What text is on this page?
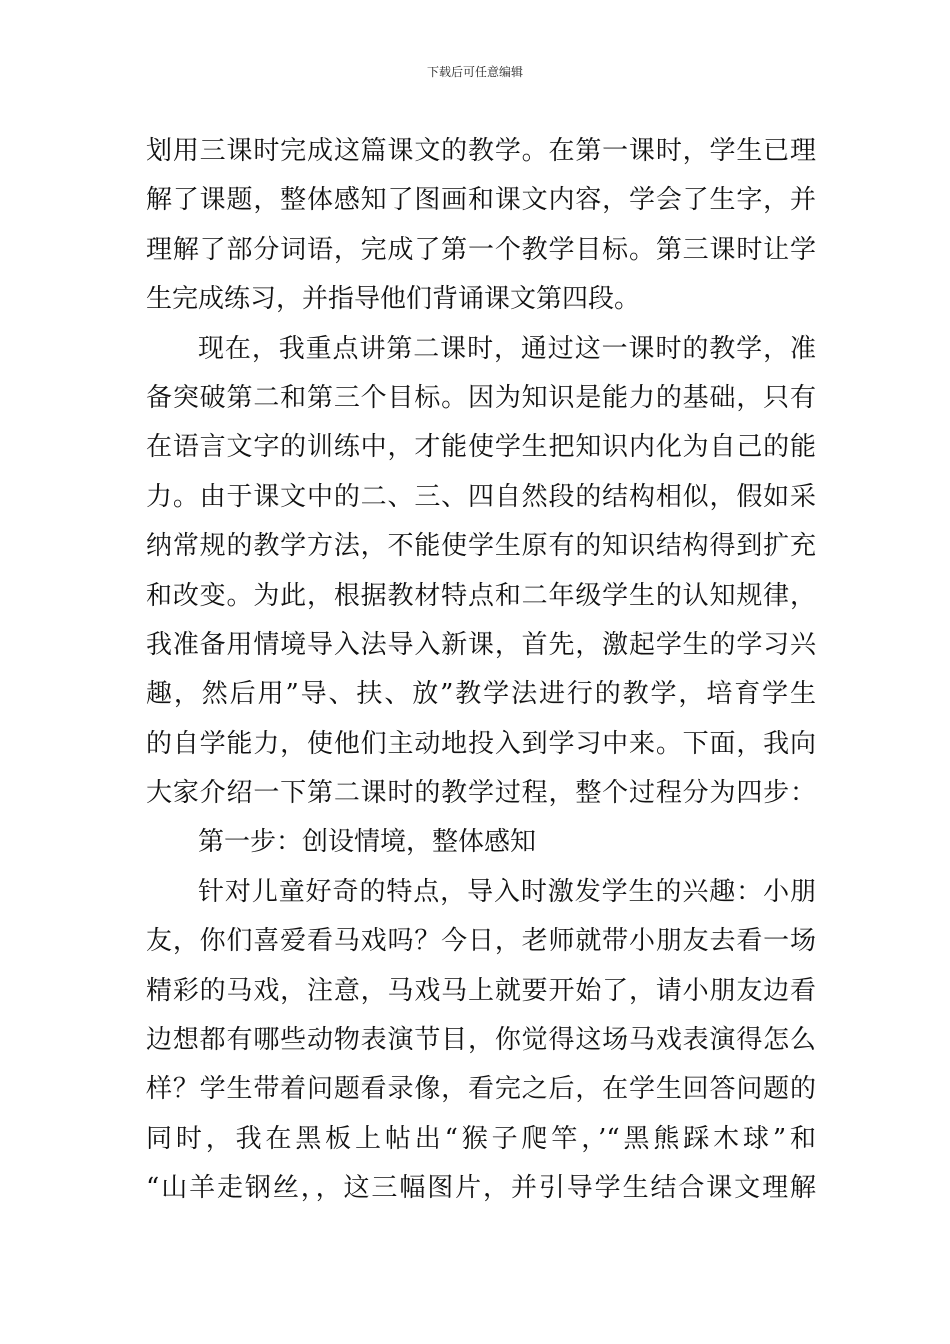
下载后可任意编辑
划用三课时完成这篇课文的教学。在第一课时，学生已理
解了课题，整体感知了图画和课文内容，学会了生字，并
理解了部分词语，完成了第一个教学目标。第三课时让学
生完成练习，并指导他们背诵课文第四段。
现在，我重点讲第二课时，通过这一课时的教学，准
备突破第二和第三个目标。因为知识是能力的基础，只有
在语言文字的训练中，才能使学生把知识内化为自己的能
力。由于课文中的二、三、四自然段的结构相似，假如采
纳常规的教学方法，不能使学生原有的知识结构得到扩充
和改变。为此，根据教材特点和二年级学生的认知规律，
我准备用情境导入法导入新课，首先，激起学生的学习兴
趣，然后用”导、扶、放”教学法进行的教学，培育学生
的自学能力，使他们主动地投入到学习中来。下面，我向
大家介绍一下第二课时的教学过程，整个过程分为四步：
第一步：创设情境，整体感知
针对儿童好奇的特点，导入时激发学生的兴趣：小朋
友，你们喜爱看马戏吗？今日，老师就带小朋友去看一场
精彩的马戏，注意，马戏马上就要开始了，请小朋友边看
边想都有哪些动物表演节目，你觉得这场马戏表演得怎么
样？学生带着问题看录像，看完之后，在学生回答问题的
同时，我在黑板上帖出“猴子爬竿，’“黑熊踩木球”和
“山羊走钢丝，，这三幅图片，并引导学生结合课文理解
